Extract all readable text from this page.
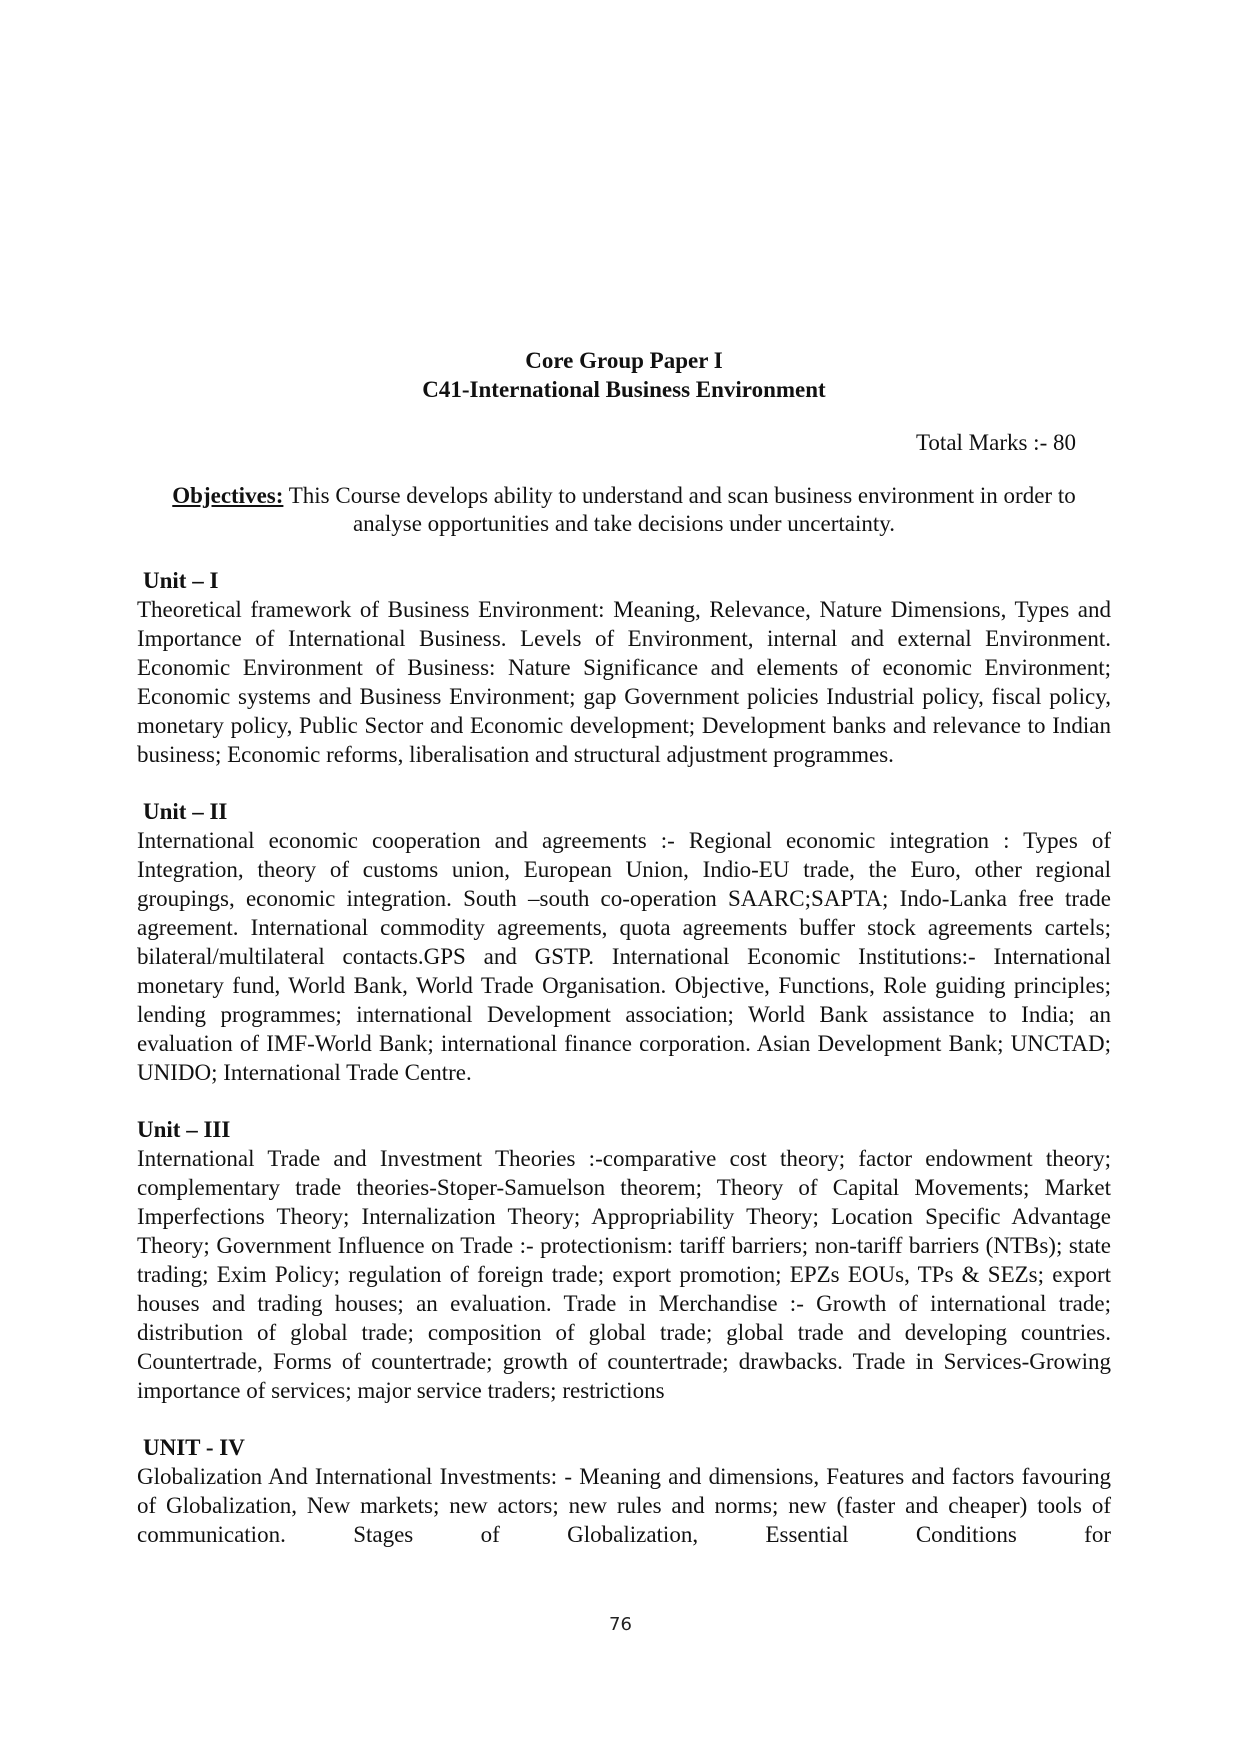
Core Group Paper I
C41-International Business Environment
Total Marks :- 80
Objectives: This Course develops ability to understand and scan business environment in order to analyse opportunities and take decisions under uncertainty.
Unit – I
Theoretical framework of Business Environment: Meaning, Relevance, Nature Dimensions, Types and Importance of International Business. Levels of Environment, internal and external Environment. Economic Environment of Business: Nature Significance and elements of economic Environment; Economic systems and Business Environment; gap Government policies Industrial policy, fiscal policy, monetary policy, Public Sector and Economic development; Development banks and relevance to Indian business; Economic reforms, liberalisation and structural adjustment programmes.
Unit – II
International economic cooperation and agreements :- Regional economic integration : Types of Integration, theory of customs union, European Union, Indio-EU trade, the Euro, other regional groupings, economic integration. South –south co-operation SAARC;SAPTA; Indo-Lanka free trade agreement. International commodity agreements, quota agreements buffer stock agreements cartels; bilateral/multilateral contacts.GPS and GSTP. International Economic Institutions:- International monetary fund, World Bank, World Trade Organisation. Objective, Functions, Role guiding principles; lending programmes; international Development association; World Bank assistance to India; an evaluation of IMF-World Bank; international finance corporation. Asian Development Bank; UNCTAD; UNIDO; International Trade Centre.
Unit – III
International Trade and Investment Theories :-comparative cost theory; factor endowment theory; complementary trade theories-Stoper-Samuelson theorem; Theory of Capital Movements; Market Imperfections Theory; Internalization Theory; Appropriability Theory; Location Specific Advantage Theory; Government Influence on Trade :- protectionism: tariff barriers; non-tariff barriers (NTBs); state trading; Exim Policy; regulation of foreign trade; export promotion; EPZs EOUs, TPs & SEZs; export houses and trading houses; an evaluation. Trade in Merchandise :- Growth of international trade; distribution of global trade; composition of global trade; global trade and developing countries. Countertrade, Forms of countertrade; growth of countertrade; drawbacks. Trade in Services-Growing importance of services; major service traders; restrictions
UNIT - IV
Globalization And International Investments: - Meaning and dimensions, Features and factors favouring of Globalization, New markets; new actors; new rules and norms; new (faster and cheaper) tools of communication. Stages of Globalization, Essential Conditions for
76
